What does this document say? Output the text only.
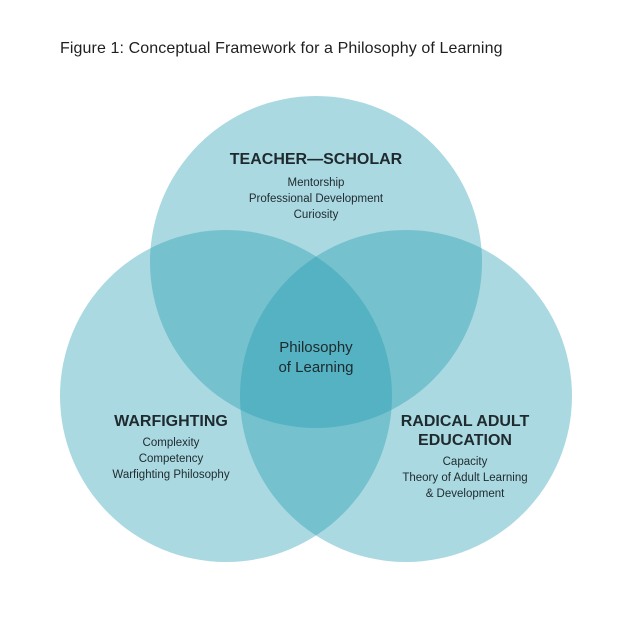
Figure 1: Conceptual Framework for a Philosophy of Learning
TEACHER—SCHOLAR
Mentorship
Professional Development
Curiosity
Philosophy
of Learning
WARFIGHTING
Complexity
Competency
Warfighting Philosophy
RADICAL ADULT
EDUCATION
Capacity
Theory of Adult Learning
& Development
